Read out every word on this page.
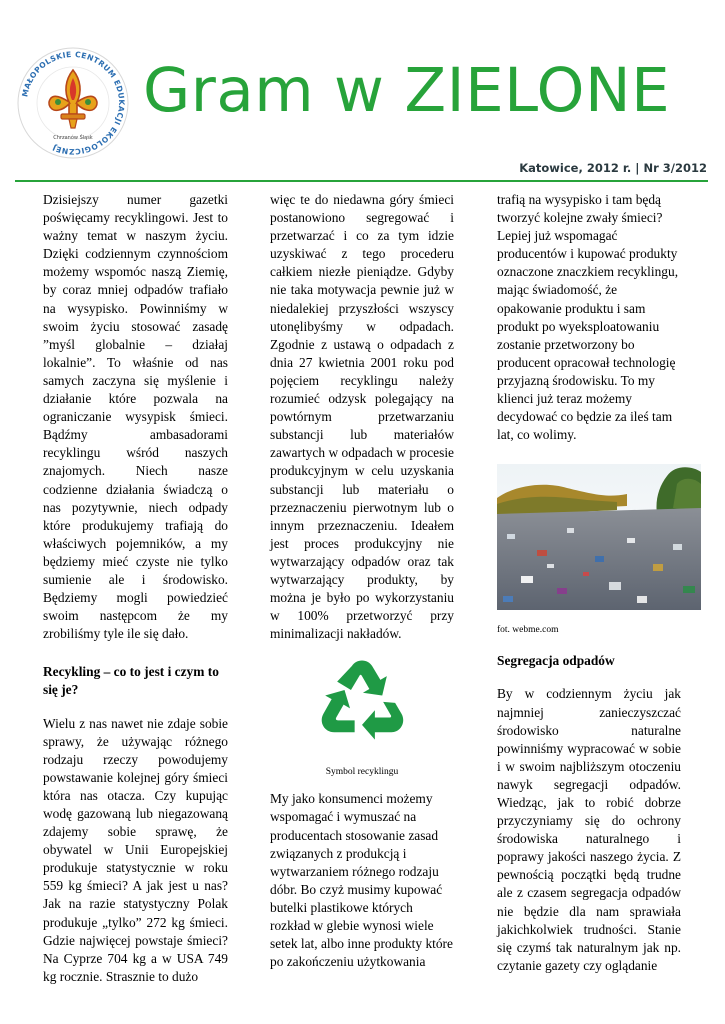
MAŁOPOLSKIE CENTRUM EDUKACJI EKOLOGICZNEJ
Chrzanów Śląsk
Gram w ZIELONE
Katowice, 2012 r. | Nr 3/2012

Dzisiejszy numer gazetki poświęcamy recyklingowi. Jest to ważny temat w naszym życiu. Dzięki codziennym czynnościom możemy wspomóc naszą Ziemię, by coraz mniej odpadów trafiało na wysypisko. Powinniśmy w swoim życiu stosować zasadę ”myśl globalnie – działaj lokalnie”. To właśnie od nas samych zaczyna się myślenie i działanie które pozwala na ograniczanie wysypisk śmieci. Bądźmy ambasadorami recyklingu wśród naszych znajomych. Niech nasze codzienne działania świadczą o nas pozytywnie, niech odpady które produkujemy trafiają do właściwych pojemników, a my będziemy mieć czyste nie tylko sumienie ale i środowisko. Będziemy mogli powiedzieć swoim następcom że my zrobiliśmy tyle ile się dało.

Recykling – co to jest i czym to się je?

Wielu z nas nawet nie zdaje sobie sprawy, że używając różnego rodzaju rzeczy powodujemy powstawanie kolejnej góry śmieci która nas otacza. Czy kupując wodę gazowaną lub niegazowaną zdajemy sobie sprawę, że obywatel w Unii Europejskiej produkuje statystycznie w roku 559 kg śmieci? A jak jest u nas? Jak na razie statystyczny Polak produkuje „tylko” 272 kg śmieci. Gdzie najwięcej powstaje śmieci? Na Cyprze 704 kg a w USA 749 kg rocznie. Strasznie to dużo

więc te do niedawna góry śmieci postanowiono segregować i przetwarzać i co za tym idzie uzyskiwać z tego procederu całkiem niezłe pieniądze. Gdyby nie taka motywacja pewnie już w niedalekiej przyszłości wszyscy utonęlibyśmy w odpadach. Zgodnie z ustawą o odpadach z dnia 27 kwietnia 2001 roku pod pojęciem recyklingu należy rozumieć odzysk polegający na powtórnym przetwarzaniu substancji lub materiałów zawartych w odpadach w procesie produkcyjnym w celu uzyskania substancji lub materiału o przeznaczeniu pierwotnym lub o innym przeznaczeniu. Ideałem jest proces produkcyjny nie wytwarzający odpadów oraz tak wytwarzający produkty, by można je było po wykorzystaniu w 100% przetworzyć przy minimalizacji nakładów.

Symbol recyklingu

My jako konsumenci możemy wspomagać i wymuszać na producentach stosowanie zasad związanych z produkcją i wytwarzaniem różnego rodzaju dóbr. Bo czyż musimy kupować butelki plastikowe których rozkład w glebie wynosi wiele setek lat, albo inne produkty które po zakończeniu użytkowania

trafią na wysypisko i tam będą tworzyć kolejne zwały śmieci? Lepiej już wspomagać producentów i kupować produkty oznaczone znaczkiem recyklingu, mając świadomość, że opakowanie produktu i sam produkt po wyeksploatowaniu zostanie przetworzony bo producent opracował technologię przyjazną środowisku. To my klienci już teraz możemy decydować co będzie za ileś tam lat, co wolimy.

fot. webme.com

Segregacja odpadów

By w codziennym życiu jak najmniej zanieczyszczać środowisko naturalne powinniśmy wypracować w sobie i w swoim najbliższym otoczeniu nawyk segregacji odpadów. Wiedząc, jak to robić dobrze przyczyniamy się do ochrony środowiska naturalnego i poprawy jakości naszego życia. Z pewnością początki będą trudne ale z czasem segregacja odpadów nie będzie dla nam sprawiała jakichkolwiek trudności. Stanie się czymś tak naturalnym jak np. czytanie gazety czy oglądanie
